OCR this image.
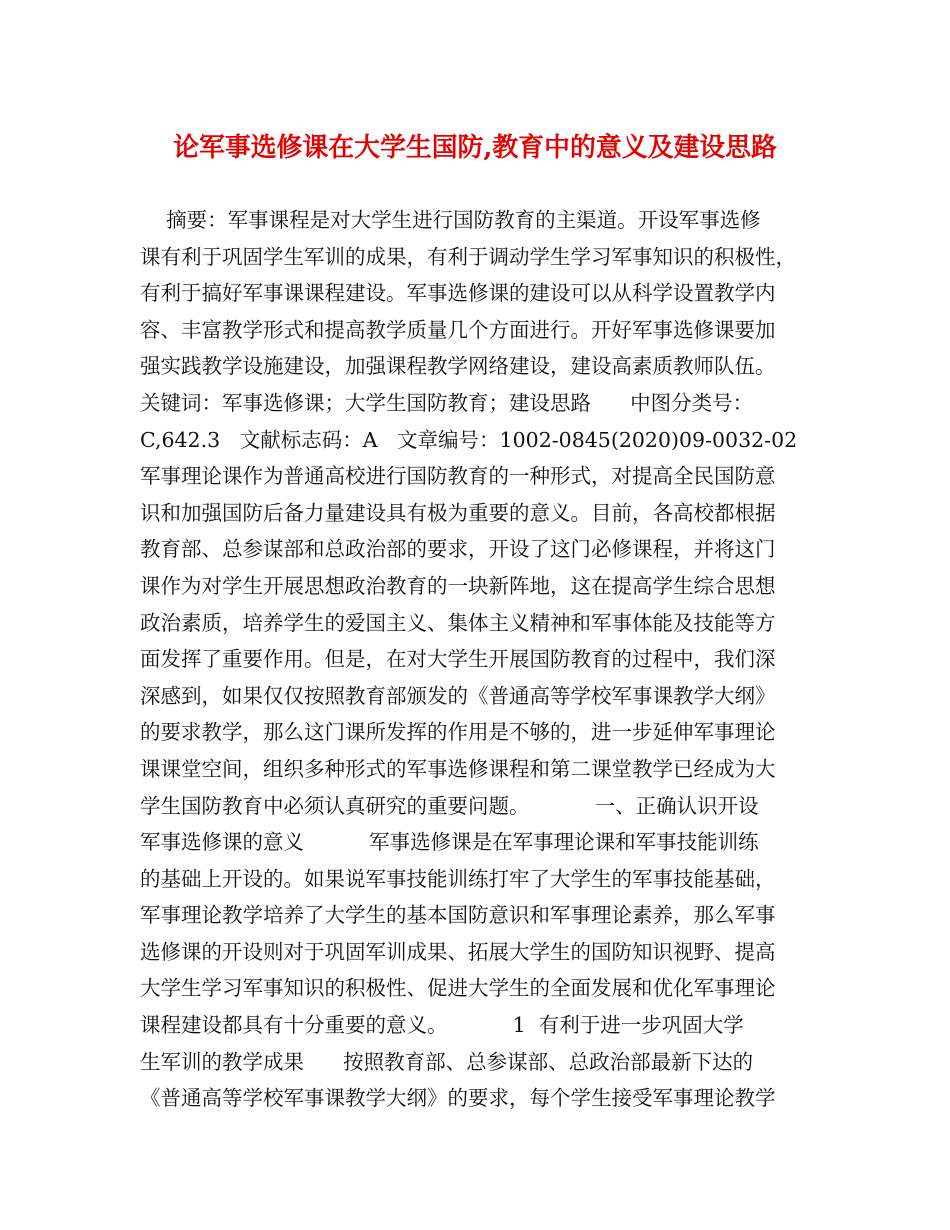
论军事选修课在大学生国防,教育中的意义及建设思路
摘要：军事课程是对大学生进行国防教育的主渠道。开设军事选修
课有利于巩固学生军训的成果，有利于调动学生学习军事知识的积极性，
有利于搞好军事课课程建设。军事选修课的建设可以从科学设置教学内
容、丰富教学形式和提高教学质量几个方面进行。开好军事选修课要加
强实践教学设施建设，加强课程教学网络建设，建设高素质教师队伍。
关键词：军事选修课；大学生国防教育；建设思路      中图分类号：
C,642.3   文献标志码：A   文章编号：1002-0845(2020)09-0032-02
军事理论课作为普通高校进行国防教育的一种形式，对提高全民国防意
识和加强国防后备力量建设具有极为重要的意义。目前，各高校都根据
教育部、总参谋部和总政治部的要求，开设了这门必修课程，并将这门
课作为对学生开展思想政治教育的一块新阵地，这在提高学生综合思想
政治素质，培养学生的爱国主义、集体主义精神和军事体能及技能等方
面发挥了重要作用。但是，在对大学生开展国防教育的过程中，我们深
深感到，如果仅仅按照教育部颁发的《普通高等学校军事课教学大纲》
的要求教学，那么这门课所发挥的作用是不够的，进一步延伸军事理论
课课堂空间，组织多种形式的军事选修课程和第二课堂教学已经成为大
学生国防教育中必须认真研究的重要问题。          一、正确认识开设
军事选修课的意义          军事选修课是在军事理论课和军事技能训练
的基础上开设的。如果说军事技能训练打牢了大学生的军事技能基础，
军事理论教学培养了大学生的基本国防意识和军事理论素养，那么军事
选修课的开设则对于巩固军训成果、拓展大学生的国防知识视野、提高
大学生学习军事知识的积极性、促进大学生的全面发展和优化军事理论
课程建设都具有十分重要的意义。          1  有利于进一步巩固大学
生军训的教学成果      按照教育部、总参谋部、总政治部最新下达的
《普通高等学校军事课教学大纲》的要求，每个学生接受军事理论教学
